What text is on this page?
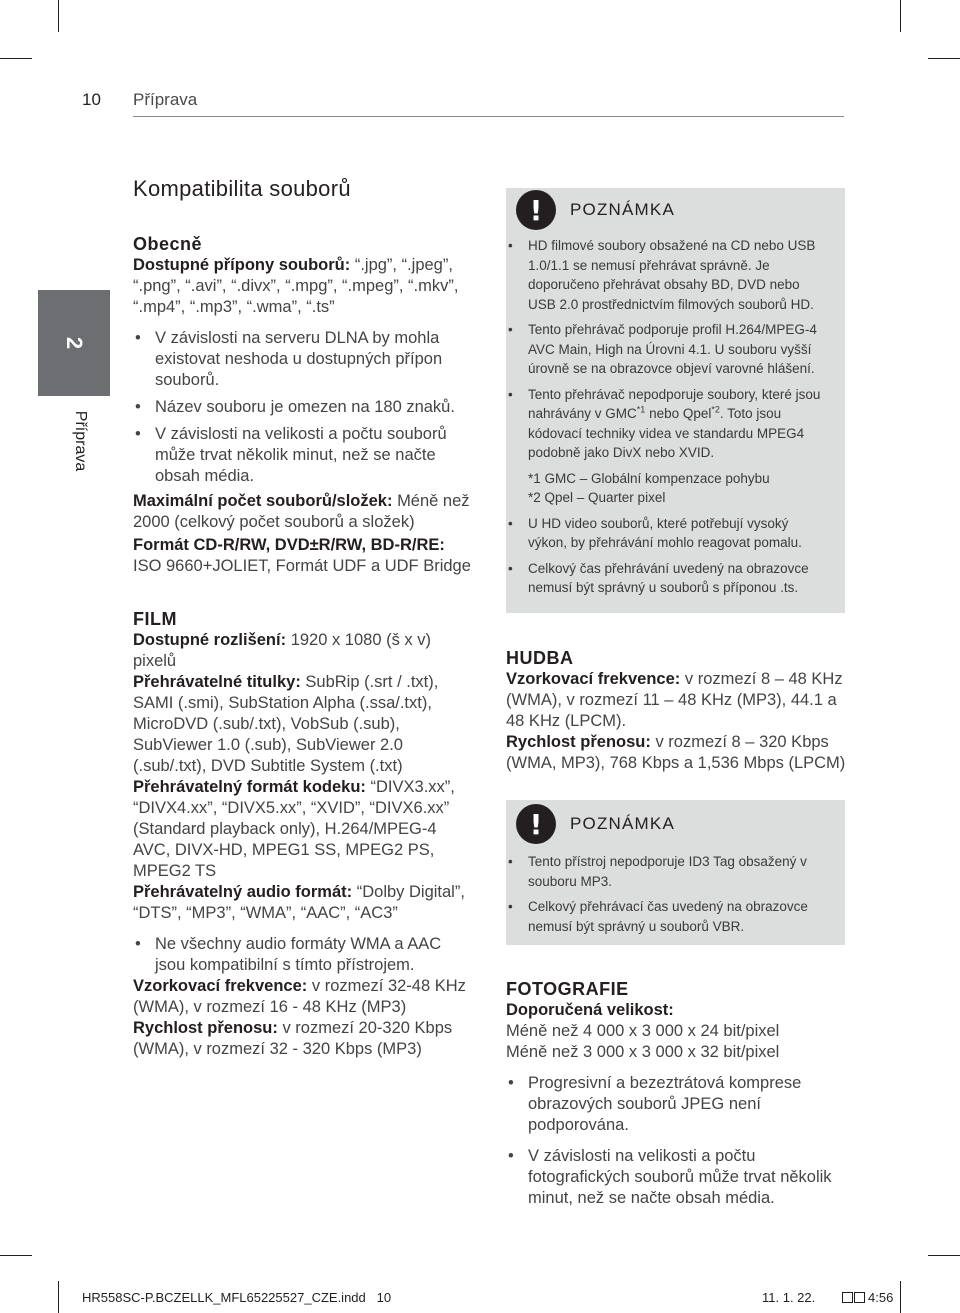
10 Příprava
2
Příprava
Kompatibilita souborů

Obecně

Dostupné přípony souborů: “.jpg”, “.jpeg”, “.png”, “.avi”, “.divx”, “.mpg”, “.mpeg”, “.mkv”, “.mp4”, “.mp3”, “.wma”, “.ts”

• V závislosti na serveru DLNA by mohla existovat neshoda u dostupných přípon souborů.
• Název souboru je omezen na 180 znaků.
• V závislosti na velikosti a počtu souborů může trvat několik minut, než se načte obsah média.

Maximální počet souborů/složek: Méně než 2000 (celkový počet souborů a složek)

Formát CD-R/RW, DVD±R/RW, BD-R/RE:
ISO 9660+JOLIET, Formát UDF a UDF Bridge

FILM

Dostupné rozlišení: 1920 x 1080 (š x v) pixelů

Přehrávatelné titulky: SubRip (.srt / .txt), SAMI (.smi), SubStation Alpha (.ssa/.txt), MicroDVD (.sub/.txt), VobSub (.sub), SubViewer 1.0 (.sub), SubViewer 2.0 (.sub/.txt), DVD Subtitle System (.txt)

Přehrávatelný formát kodeku: “DIVX3.xx”, “DIVX4.xx”, “DIVX5.xx”, “XVID”, “DIVX6.xx” (Standard playback only), H.264/MPEG-4 AVC, DIVX-HD, MPEG1 SS, MPEG2 PS, MPEG2 TS

Přehrávatelný audio formát: “Dolby Digital”, “DTS”, “MP3”, “WMA”, “AAC”, “AC3”

• Ne všechny audio formáty WMA a AAC jsou kompatibilní s tímto přístrojem.

Vzorkovací frekvence: v rozmezí 32-48 KHz (WMA), v rozmezí 16 - 48 KHz (MP3)

Rychlost přenosu: v rozmezí 20-320 Kbps (WMA), v rozmezí 32 - 320 Kbps (MP3)

!	POZNÁMKA
• HD filmové soubory obsažené na CD nebo USB 1.0/1.1 se nemusí přehrávat správně. Je doporučeno přehrávat obsahy BD, DVD nebo USB 2.0 prostřednictvím filmových souborů HD.
• Tento přehrávač podporuje profil H.264/MPEG-4 AVC Main, High na Úrovni 4.1. U souboru vyšší úrovně se na obrazovce objeví varovné hlášení.
• Tento přehrávač nepodporuje soubory, které jsou nahrávány v GMC$^{*1}$ nebo Qpel$^{*2}$. Toto jsou kódovací techniky videa ve standardu MPEG4 podobně jako DivX nebo XVID.
*1 GMC – Globální kompenzace pohybu
*2 Qpel – Quarter pixel
• U HD video souborů, které potřebují vysoký výkon, by přehrávání mohlo reagovat pomalu.
• Celkový čas přehrávání uvedený na obrazovce nemusí být správný u souborů s příponou .ts.

HUDBA

Vzorkovací frekvence: v rozmezí 8 – 48 KHz (WMA), v rozmezí 11 – 48 KHz (MP3), 44.1 a 48 KHz (LPCM).

Rychlost přenosu: v rozmezí 8 – 320 Kbps (WMA, MP3), 768 Kbps a 1,536 Mbps (LPCM)

!	POZNÁMKA
• Tento přístroj nepodporuje ID3 Tag obsažený v souboru MP3.
• Celkový přehrávací čas uvedený na obrazovce nemusí být správný u souborů VBR.

FOTOGRAFIE

Doporučená velikost:

Méně než 4 000 x 3 000 x 24 bit/pixel

Méně než 3 000 x 3 000 x 32 bit/pixel

• Progresivní a bezeztrátová komprese obrazových souborů JPEG není podporována.
• V závislosti na velikosti a počtu fotografických souborů může trvat několik minut, než se načte obsah média.
HR558SC-P.BCZELLK_MFL65225527_CZE.indd 10	11. 1. 22.	4:56
